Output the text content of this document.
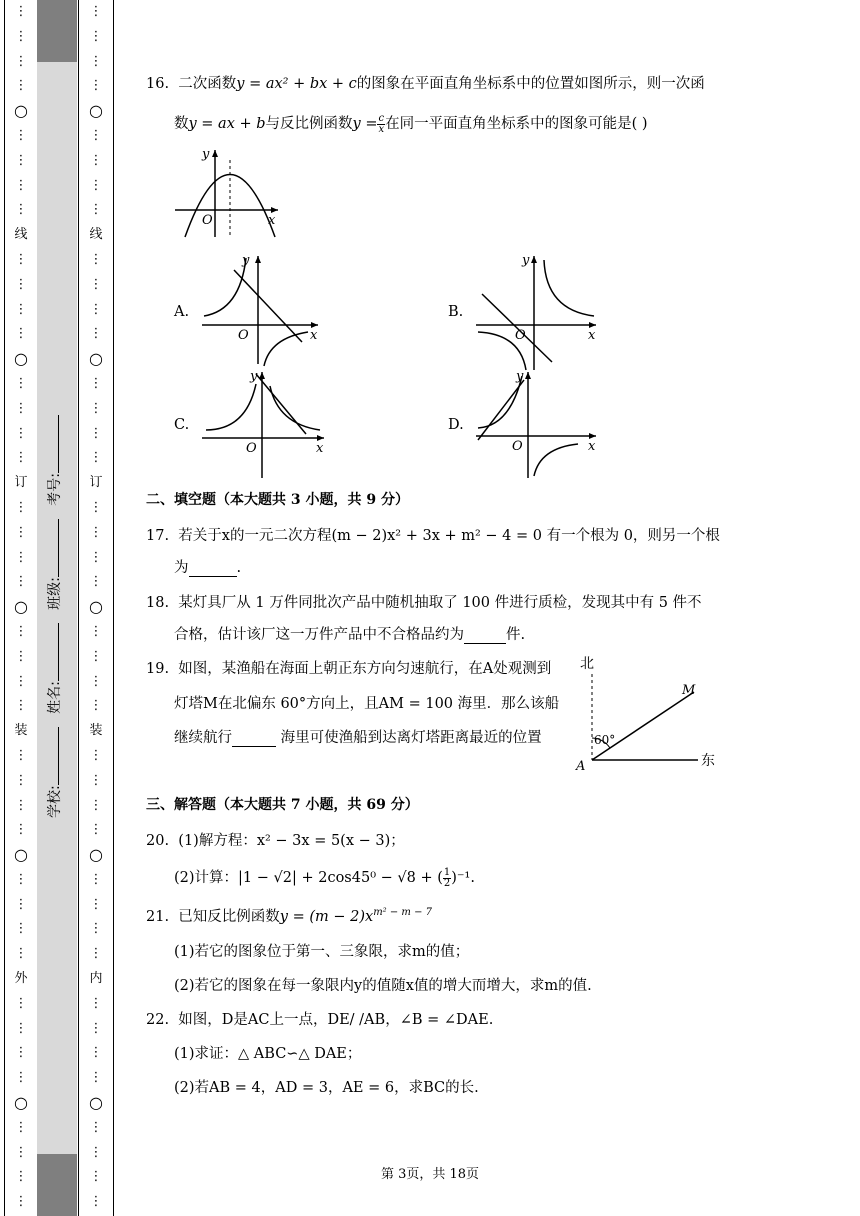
⋮
⋮
⋮
⋮
○
⋮
⋮
⋮
⋮
线
⋮
⋮
⋮
⋮
○
⋮
⋮
⋮
⋮
订
⋮
⋮
⋮
⋮
○
⋮
⋮
⋮
⋮
装
⋮
⋮
⋮
⋮
○
⋮
⋮
⋮
⋮
外
⋮
⋮
⋮
⋮
○
⋮
⋮
⋮
⋮
学校:   姓名:   班级:   考号:
⋮
⋮
⋮
⋮
○
⋮
⋮
⋮
⋮
线
⋮
⋮
⋮
⋮
○
⋮
⋮
⋮
⋮
订
⋮
⋮
⋮
⋮
○
⋮
⋮
⋮
⋮
装
⋮
⋮
⋮
⋮
○
⋮
⋮
⋮
⋮
内
⋮
⋮
⋮
⋮
○
⋮
⋮
⋮
⋮
16. 二次函数y = ax² + bx + c的图象在平面直角坐标系中的位置如图所示，则一次函
数y = ax + b与反比例函数$y = \frac{c}{x}$ 在同一平面直角坐标系中的图象可能是( )
x
y
O
A.
x
y
O
B.
x
y
O
C.
x
y
O
D.
x
y
O
二、填空题（本大题共 3 小题，共 9 分）
17. 若关于x的一元二次方程(m − 2)x² + 3x + m² − 4 = 0 有一个根为 0，则另一个根
为	.
18. 某灯具厂从 1 万件同批次产品中随机抽取了 100 件进行质检，发现其中有 5 件不
合格，估计该厂这一万件产品中不合格品约为	件.
19. 如图，某渔船在海面上朝正东方向匀速航行，在A处观测到
灯塔M在北偏东 60°方向上，且AM = 100 海里．那么该船
继续航行	海里可使渔船到达离灯塔距离最近的位置
北
东
M
A
60°
三、解答题（本大题共 7 小题，共 69 分）
20. (1)解方程：x² − 3x = 5(x − 3)；
(2)计算：|1 − √2| + 2cos45⁰ − √8 + ( $\frac{1}{2} )^{-1}$.
21. 已知反比例函数$y = (m - 2)x^{m^2 - m - 7}$
(1)若它的图象位于第一、三象限，求m的值；
(2)若它的图象在每一象限内y的值随x值的增大而增大，求m的值.
22. 如图，D是AC上一点，DE/ /AB，∠B = ∠DAE.
(1)求证：△ ABC∽△ DAE；
(2)若AB = 4，AD = 3，AE = 6，求BC的长.
第 3页，共 18页
